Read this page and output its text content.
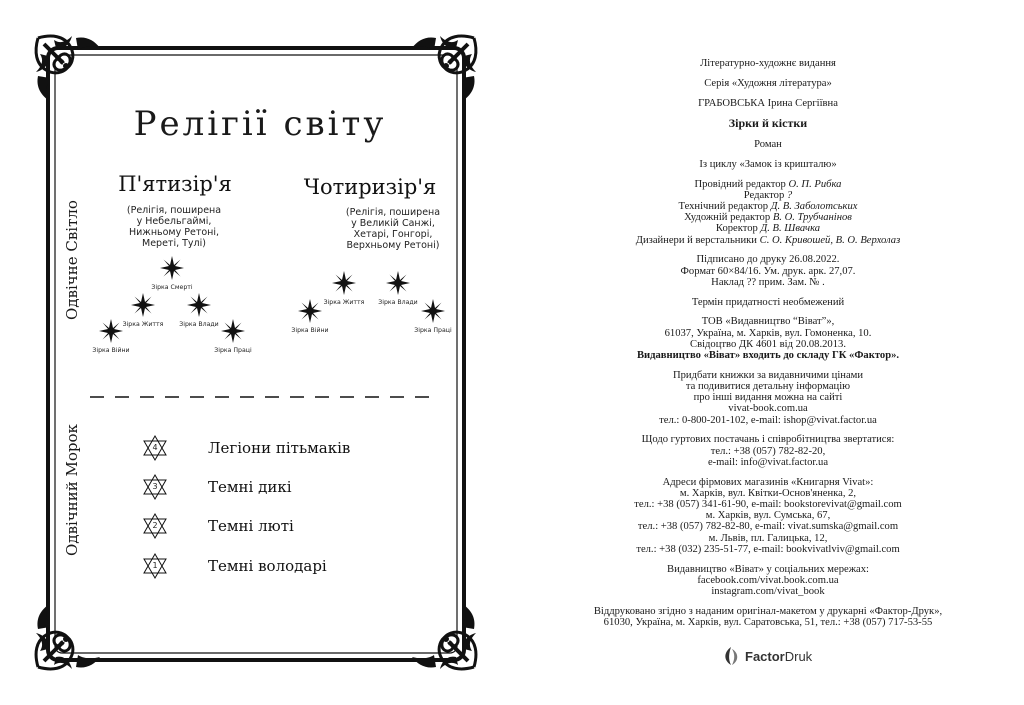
Релігії світу
Одвічне Світло
Одвічний Морок
П'ятизір'я
(Релігія, поширена
у Небельгаймі,
Нижньому Ретоні,
Мереті, Тулі)
Чотиризір'я
(Релігія, поширена
у Великій Санжі,
Хетарі, Гонгорі,
Верхньому Ретоні)
Зірка Смерті
Зірка Життя	Зірка Влади
Зірка Війни	Зірка Праці
Зірка Життя Зірка Влади
Зірка Війни	Зірка Праці
4	Легіони пітьмаків
3	Темні дикі
2	Темні люті
1	Темні володарі
Літературно-художнє видання
Серія «Художня література»
ГРАБОВСЬКА Ірина Сергіївна
Зірки й кістки
Роман
Із циклу «Замок із кришталю»
Провідний редактор О. П. Рибка
Редактор ?
Технічний редактор Д. В. Заболотських
Художній редактор В. О. Трубчанінов
Коректор Д. В. Швачка
Дизайнери й верстальники С. О. Кривошей, В. О. Верхолаз
Підписано до друку 26.08.2022.
Формат 60×84/16. Ум. друк. арк. 27,07.
Наклад ?? прим. Зам. № .
Термін придатності необмежений
ТОВ «Видавництво “Віват”»,
61037, Україна, м. Харків, вул. Гомоненка, 10.
Свідоцтво ДК 4601 від 20.08.2013.
Видавництво «Віват» входить до складу ГК «Фактор».
Придбати книжки за видавничими цінами
та подивитися детальну інформацію
про інші видання можна на сайті
vivat-book.com.ua
тел.: 0-800-201-102, e-mail: ishop@vivat.factor.ua
Щодо гуртових постачань і співробітництва звертатися:
тел.: +38 (057) 782-82-20,
e-mail: info@vivat.factor.ua
Адреси фірмових магазинів «Книгарня Vivat»:
м. Харків, вул. Квітки-Основ'яненка, 2,
тел.: +38 (057) 341-61-90, e-mail: bookstorevivat@gmail.com
м. Харків, вул. Сумська, 67,
тел.: +38 (057) 782-82-80, e-mail: vivat.sumska@gmail.com
м. Львів, пл. Галицька, 12,
тел.: +38 (032) 235-51-77, e-mail: bookvivatlviv@gmail.com
Видавництво «Віват» у соціальних мережах:
facebook.com/vivat.book.com.ua
instagram.com/vivat_book
Віддруковано згідно з наданим оригінал-макетом у друкарні «Фактор-Друк»,
61030, Україна, м. Харків, вул. Саратовська, 51, тел.: +38 (057) 717-53-55
FactorDruk
